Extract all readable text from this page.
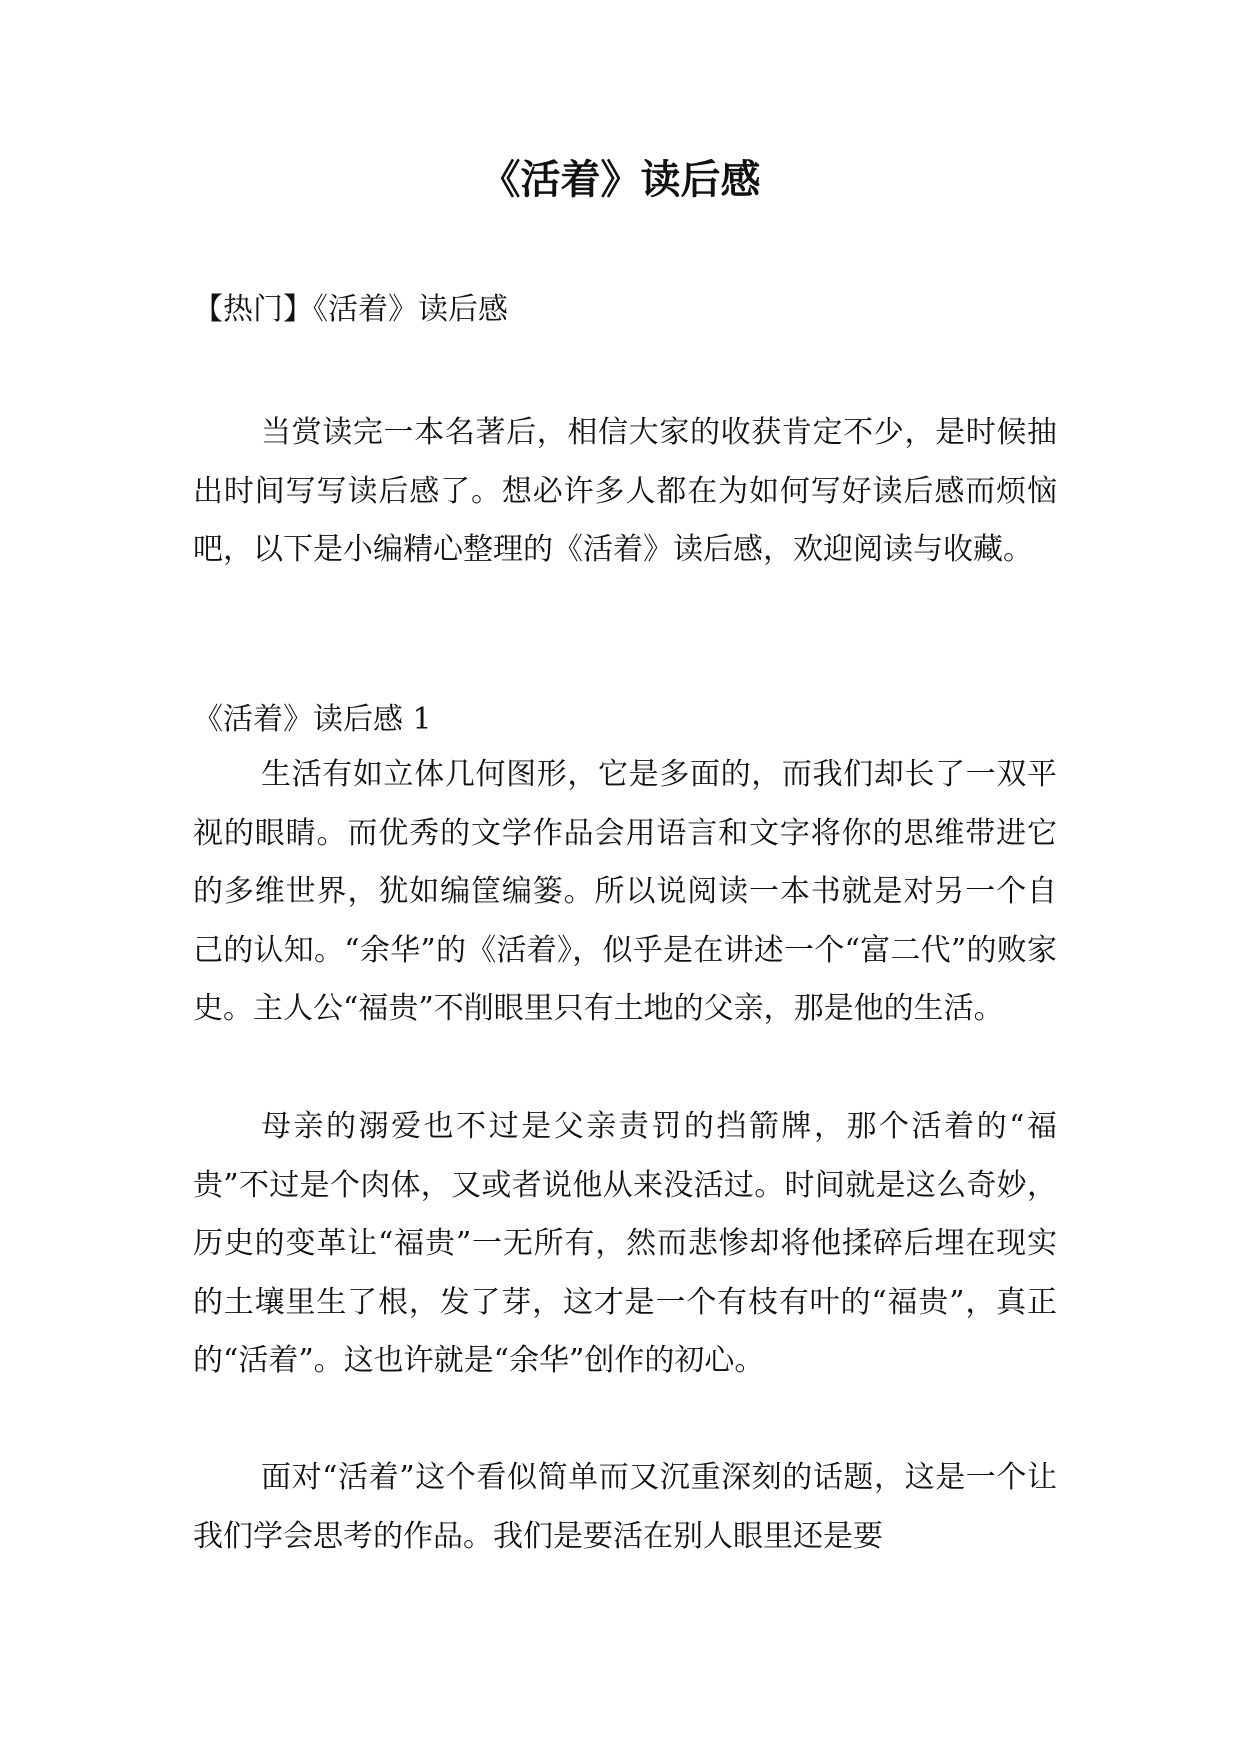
《活着》读后感

【热门】《活着》读后感

当赏读完一本名著后，相信大家的收获肯定不少，是时候抽出时间写写读后感了。想必许多人都在为如何写好读后感而烦恼吧，以下是小编精心整理的《活着》读后感，欢迎阅读与收藏。

《活着》读后感 1

生活有如立体几何图形，它是多面的，而我们却长了一双平视的眼睛。而优秀的文学作品会用语言和文字将你的思维带进它的多维世界，犹如编筐编篓。所以说阅读一本书就是对另一个自己的认知。“余华”的《活着》，似乎是在讲述一个“富二代”的败家史。主人公“福贵”不削眼里只有土地的父亲，那是他的生活。

母亲的溺爱也不过是父亲责罚的挡箭牌，那个活着的“福贵”不过是个肉体，又或者说他从来没活过。时间就是这么奇妙，历史的变革让“福贵”一无所有，然而悲惨却将他揉碎后埋在现实的土壤里生了根，发了芽，这才是一个有枝有叶的“福贵”，真正的“活着”。这也许就是“余华”创作的初心。

面对“活着”这个看似简单而又沉重深刻的话题，这是一个让我们学会思考的作品。我们是要活在别人眼里还是要
